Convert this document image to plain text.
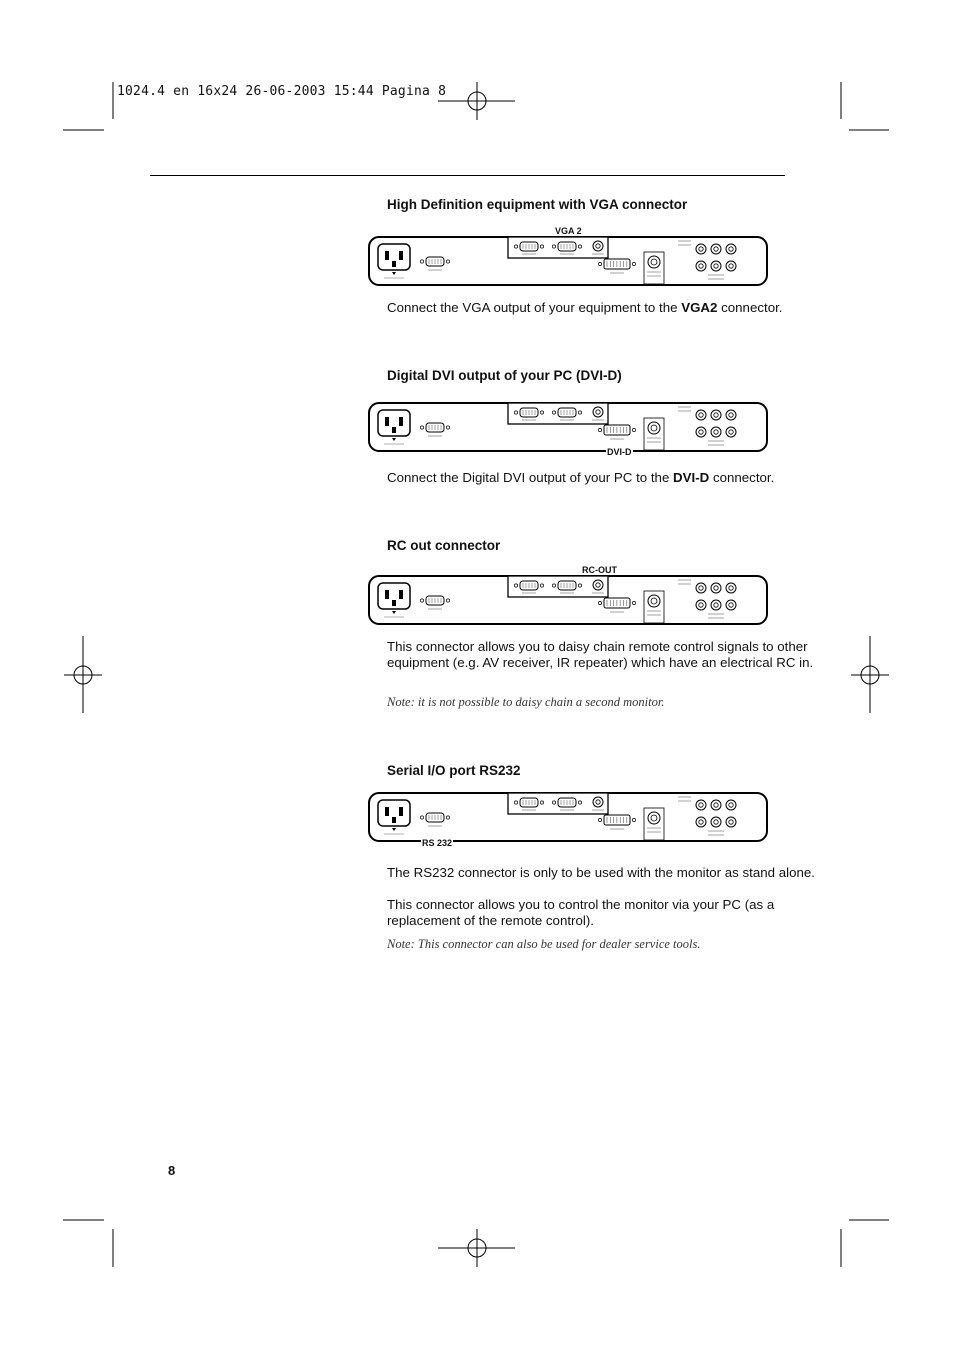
1024.4 en 16x24 26-06-2003 15:44 Pagina 8
High Definition equipment with VGA connector
Connect the VGA output of your equipment to the VGA2 connector.
Digital DVI output of your PC (DVI-D)
Connect the Digital DVI output of your PC to the DVI-D connector.
RC out connector
This connector allows you to daisy chain remote control signals to other equipment (e.g. AV receiver, IR repeater) which have an electrical RC in.
Note: it is not possible to daisy chain a second monitor.
Serial I/O port RS232
The RS232 connector is only to be used with the monitor as stand alone.
This connector allows you to control the monitor via your PC (as a replacement of the remote control).
Note: This connector can also be used for dealer service tools.
VGA 2
DVI-D
RC-OUT
RS 232
8
